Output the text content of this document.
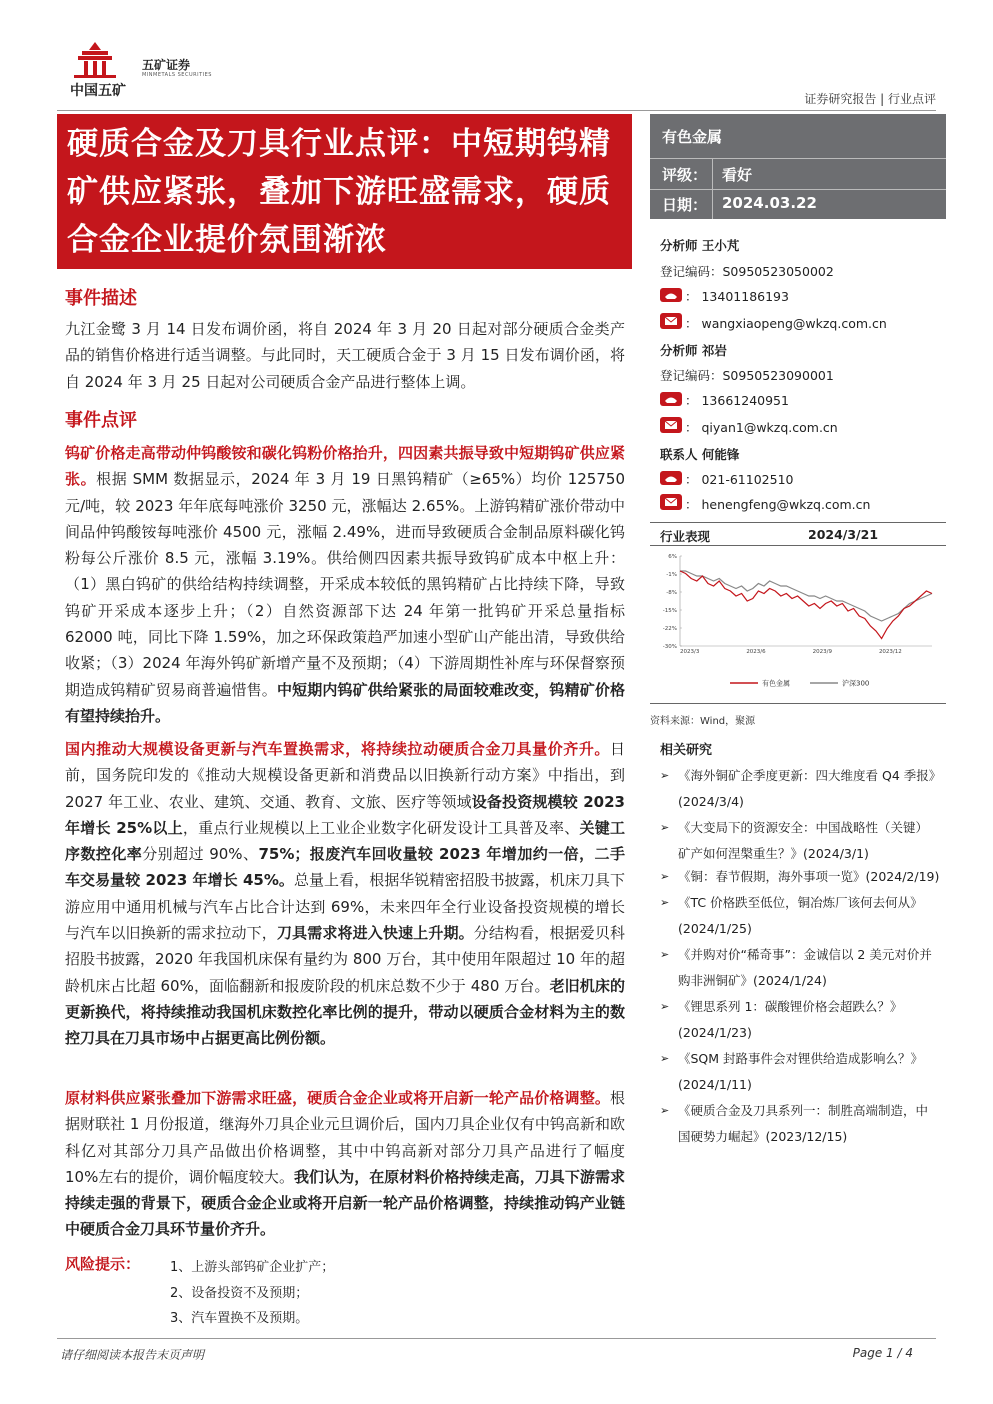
五矿证券
MINMETALS SECURITIES
中国五矿	证券研究报告 | 行业点评
硬质合金及刀具行业点评：中短期钨精矿供应紧张，叠加下游旺盛需求，硬质合金企业提价氛围渐浓
有色金属
评级： 看好
日期： 2024.03.22
分析师 王小芃
登记编码：S0950523050002
： 13401186193
： wangxiaopeng@wkzq.com.cn
分析师 祁岩
登记编码：S0950523090001
： 13661240951
： qiyan1@wkzq.com.cn
联系人 何能锋
： 021-61102510
： henengfeng@wkzq.com.cn
行业表现	2024/3/21
6%
-1%
-8%
-15%
-22%
-30%
2023/3	2023/6	2023/9	2023/12
有色金属	沪深300
资料来源：Wind，聚源
相关研究
➢ 《海外铜矿企季度更新：四大维度看 Q4 季报》(2024/3/4)
➢ 《大变局下的资源安全：中国战略性（关键）矿产如何涅槃重生？》(2024/3/1)
➢ 《铜：春节假期，海外事项一览》(2024/2/19)
➢ 《TC 价格跌至低位，铜冶炼厂该何去何从》(2024/1/25)
➢ 《并购对价“稀奇事”：金诚信以 2 美元对价并购非洲铜矿》(2024/1/24)
➢ 《锂思系列 1：碳酸锂价格会超跌么？》(2024/1/23)
➢ 《SQM 封路事件会对锂供给造成影响么？》(2024/1/11)
➢ 《硬质合金及刀具系列一：制胜高端制造，中国硬势力崛起》(2023/12/15)
事件描述
九江金鹭 3 月 14 日发布调价函，将自 2024 年 3 月 20 日起对部分硬质合金类产品的销售价格进行适当调整。与此同时，天工硬质合金于 3 月 15 日发布调价函，将自 2024 年 3 月 25 日起对公司硬质合金产品进行整体上调。
事件点评
钨矿价格走高带动仲钨酸铵和碳化钨粉价格抬升，四因素共振导致中短期钨矿供应紧张。根据 SMM 数据显示，2024 年 3 月 19 日黑钨精矿（≥65%）均价 125750 元/吨，较 2023 年年底每吨涨价 3250 元，涨幅达 2.65%。上游钨精矿涨价带动中间品仲钨酸铵每吨涨价 4500 元，涨幅 2.49%，进而导致硬质合金制品原料碳化钨粉每公斤涨价 8.5 元，涨幅 3.19%。供给侧四因素共振导致钨矿成本中枢上升：（1）黑白钨矿的供给结构持续调整，开采成本较低的黑钨精矿占比持续下降，导致钨矿开采成本逐步上升；（2）自然资源部下达 24 年第一批钨矿开采总量指标 62000 吨，同比下降 1.59%，加之环保政策趋严加速小型矿山产能出清，导致供给收紧；（3）2024 年海外钨矿新增产量不及预期；（4）下游周期性补库与环保督察预期造成钨精矿贸易商普遍惜售。中短期内钨矿供给紧张的局面较难改变，钨精矿价格有望持续抬升。
国内推动大规模设备更新与汽车置换需求，将持续拉动硬质合金刀具量价齐升。日前，国务院印发的《推动大规模设备更新和消费品以旧换新行动方案》中指出，到 2027 年工业、农业、建筑、交通、教育、文旅、医疗等领域设备投资规模较 2023 年增长 25%以上，重点行业规模以上工业企业数字化研发设计工具普及率、关键工序数控化率分别超过 90%、75%；报废汽车回收量较 2023 年增加约一倍，二手车交易量较 2023 年增长 45%。总量上看，根据华锐精密招股书披露，机床刀具下游应用中通用机械与汽车占比合计达到 69%，未来四年全行业设备投资规模的增长与汽车以旧换新的需求拉动下，刀具需求将进入快速上升期。分结构看，根据爱贝科招股书披露，2020 年我国机床保有量约为 800 万台，其中使用年限超过 10 年的超龄机床占比超 60%，面临翻新和报废阶段的机床总数不少于 480 万台。老旧机床的更新换代，将持续推动我国机床数控化率比例的提升，带动以硬质合金材料为主的数控刀具在刀具市场中占据更高比例份额。
原材料供应紧张叠加下游需求旺盛，硬质合金企业或将开启新一轮产品价格调整。根据财联社 1 月份报道，继海外刀具企业元旦调价后，国内刀具企业仅有中钨高新和欧科亿对其部分刀具产品做出价格调整，其中中钨高新对部分刀具产品进行了幅度 10%左右的提价，调价幅度较大。我们认为，在原材料价格持续走高，刀具下游需求持续走强的背景下，硬质合金企业或将开启新一轮产品价格调整，持续推动钨产业链中硬质合金刀具环节量价齐升。
风险提示： 1、上游头部钨矿企业扩产；
2、设备投资不及预期；
3、汽车置换不及预期。
请仔细阅读本报告末页声明	Page 1 / 4
